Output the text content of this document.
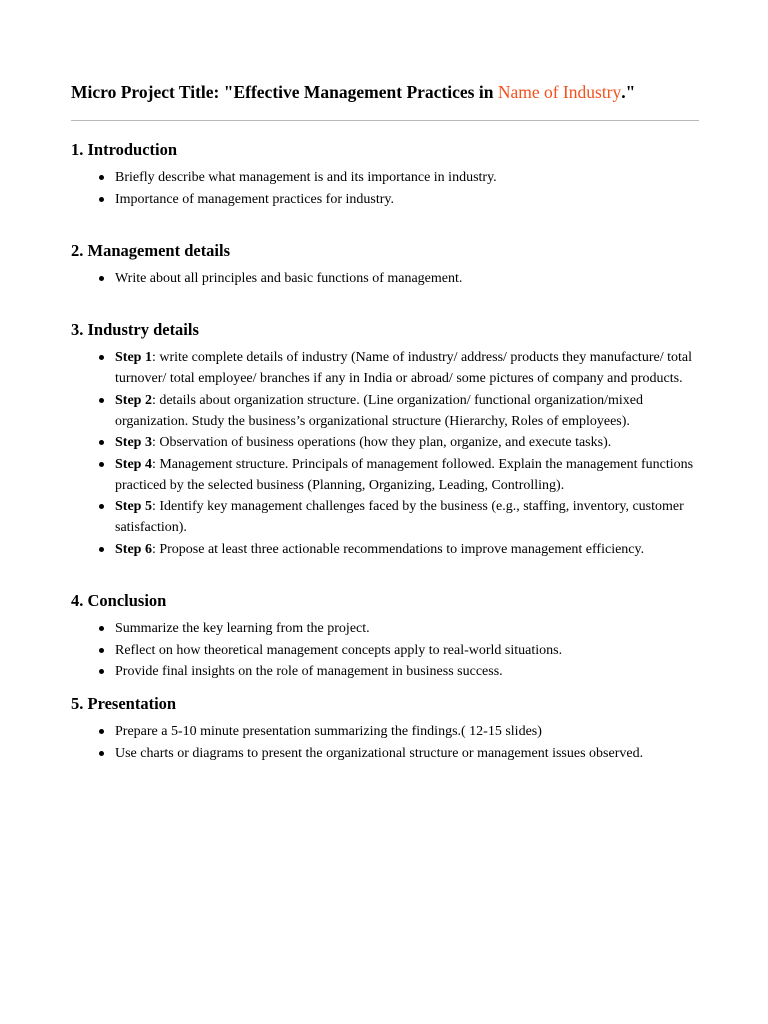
Micro Project Title: "Effective Management Practices in Name of Industry."
1. Introduction
Briefly describe what management is and its importance in industry.
Importance of management practices for industry.
2. Management details
Write about all principles and basic functions of management.
3. Industry details
Step 1: write complete details of industry (Name of industry/ address/ products they manufacture/ total turnover/ total employee/ branches if any in India or abroad/ some pictures of company and products.
Step 2: details about organization structure. (Line organization/ functional organization/mixed organization. Study the business’s organizational structure (Hierarchy, Roles of employees).
Step 3: Observation of business operations (how they plan, organize, and execute tasks).
Step 4: Management structure. Principals of management followed. Explain the management functions practiced by the selected business (Planning, Organizing, Leading, Controlling).
Step 5: Identify key management challenges faced by the business (e.g., staffing, inventory, customer satisfaction).
Step 6: Propose at least three actionable recommendations to improve management efficiency.
4. Conclusion
Summarize the key learning from the project.
Reflect on how theoretical management concepts apply to real-world situations.
Provide final insights on the role of management in business success.
5. Presentation
Prepare a 5-10 minute presentation summarizing the findings.( 12-15 slides)
Use charts or diagrams to present the organizational structure or management issues observed.
